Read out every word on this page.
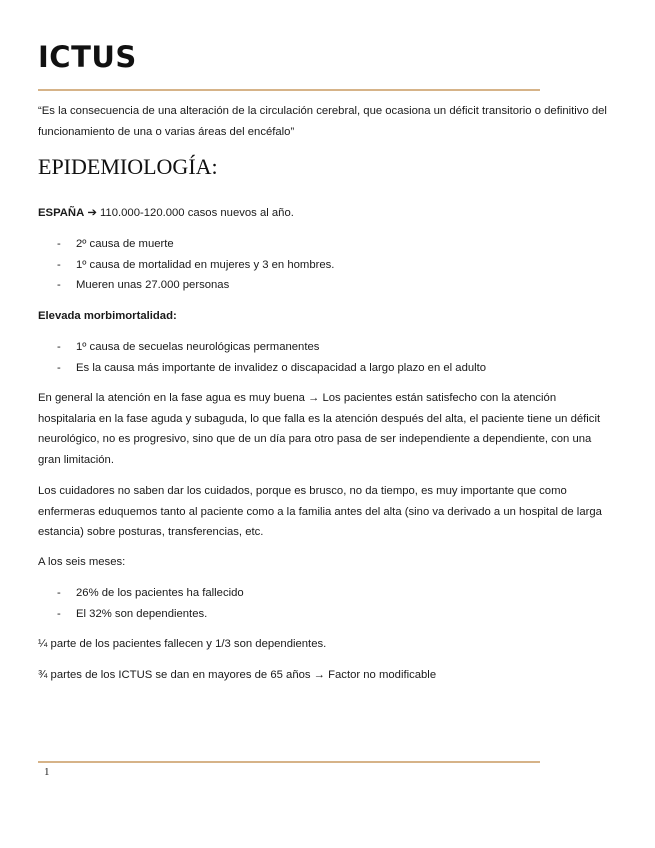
ICTUS

“Es la consecuencia de una alteración de la circulación cerebral, que ocasiona un déficit transitorio o definitivo del funcionamiento de una o varias áreas del encéfalo”

EPIDEMIOLOGÍA:

ESPAÑA ➔ 110.000-120.000 casos nuevos al año.

- 2º causa de muerte
- 1º causa de mortalidad en mujeres y 3 en hombres.
- Mueren unas 27.000 personas

Elevada morbimortalidad:

- 1º causa de secuelas neurológicas permanentes
- Es la causa más importante de invalidez o discapacidad a largo plazo en el adulto

En general la atención en la fase agua es muy buena → Los pacientes están satisfecho con la atención hospitalaria en la fase aguda y subaguda, lo que falla es la atención después del alta, el paciente tiene un déficit neurológico, no es progresivo, sino que de un día para otro pasa de ser independiente a dependiente, con una gran limitación.

Los cuidadores no saben dar los cuidados, porque es brusco, no da tiempo, es muy importante que como enfermeras eduquemos tanto al paciente como a la familia antes del alta (sino va derivado a un hospital de larga estancia) sobre posturas, transferencias, etc.

A los seis meses:

- 26% de los pacientes ha fallecido
- El 32% son dependientes.

¼ parte de los pacientes fallecen y 1/3 son dependientes.

¾ partes de los ICTUS se dan en mayores de 65 años → Factor no modificable

1
